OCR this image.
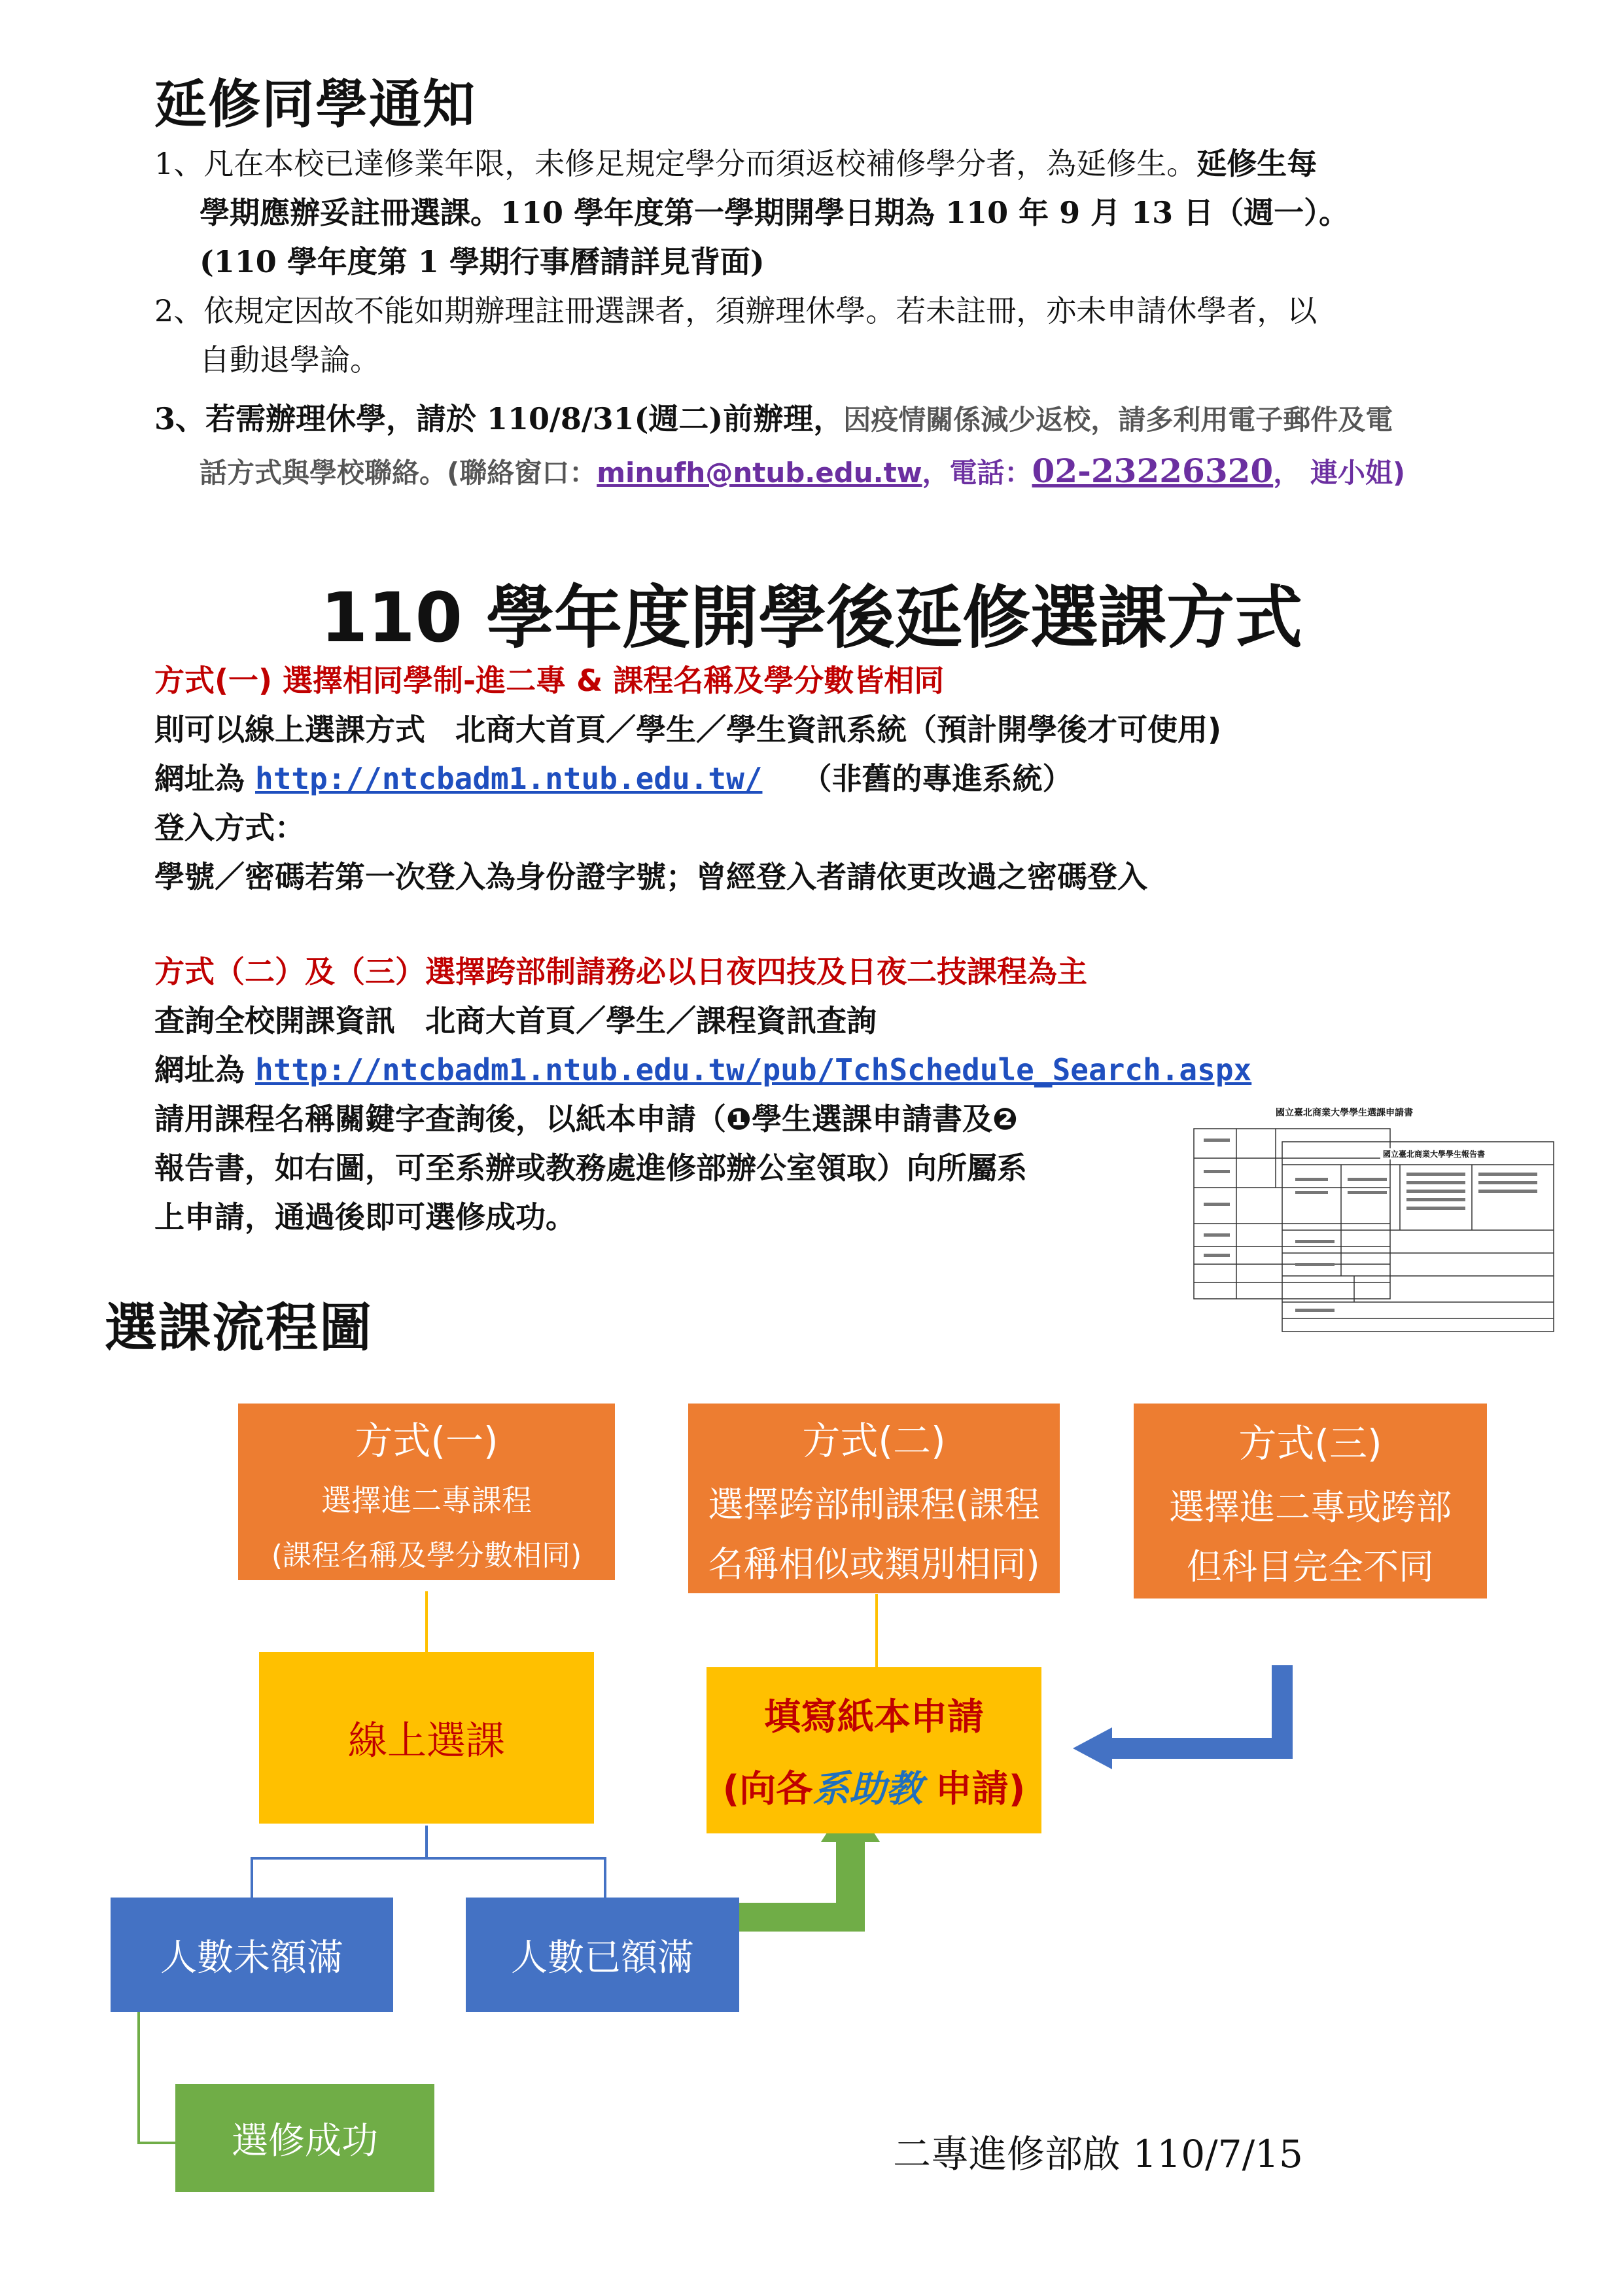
延修同學通知
1、凡在本校已達修業年限，未修足規定學分而須返校補修學分者，為延修生。延修生每
學期應辦妥註冊選課。110 學年度第一學期開學日期為 110 年 9 月 13 日（週一）。
(110 學年度第 1 學期行事曆請詳見背面)
2、依規定因故不能如期辦理註冊選課者，須辦理休學。若未註冊，亦未申請休學者，以
自動退學論。
3、若需辦理休學，請於 110/8/31(週二)前辦理，因疫情關係減少返校，請多利用電子郵件及電
話方式與學校聯絡。(聯絡窗口：minufh@ntub.edu.tw，電話：02-23226320， 連小姐)
110 學年度開學後延修選課方式
方式(一) 選擇相同學制-進二專 & 課程名稱及學分數皆相同
則可以線上選課方式　北商大首頁／學生／學生資訊系統（預計開學後才可使用)
網址為 http://ntcbadm1.ntub.edu.tw/ （非舊的專進系統）
登入方式：
學號／密碼若第一次登入為身份證字號；曾經登入者請依更改過之密碼登入
方式（二）及（三）選擇跨部制請務必以日夜四技及日夜二技課程為主
查詢全校開課資訊　北商大首頁／學生／課程資訊查詢
網址為 http://ntcbadm1.ntub.edu.tw/pub/TchSchedule_Search.aspx
請用課程名稱關鍵字查詢後，以紙本申請（❶學生選課申請書及❷
報告書，如右圖，可至系辦或教務處進修部辦公室領取）向所屬系
上申請，通過後即可選修成功。
國立臺北商業大學學生選課申請書
國立臺北商業大學學生報告書
選課流程圖
方式(一)
選擇進二專課程
(課程名稱及學分數相同)
方式(二)
選擇跨部制課程(課程
名稱相似或類別相同)
方式(三)
選擇進二專或跨部
但科目完全不同
線上選課
填寫紙本申請
(向各系助教 申請)
人數未額滿	人數已額滿
選修成功	二專進修部啟 110/7/15
